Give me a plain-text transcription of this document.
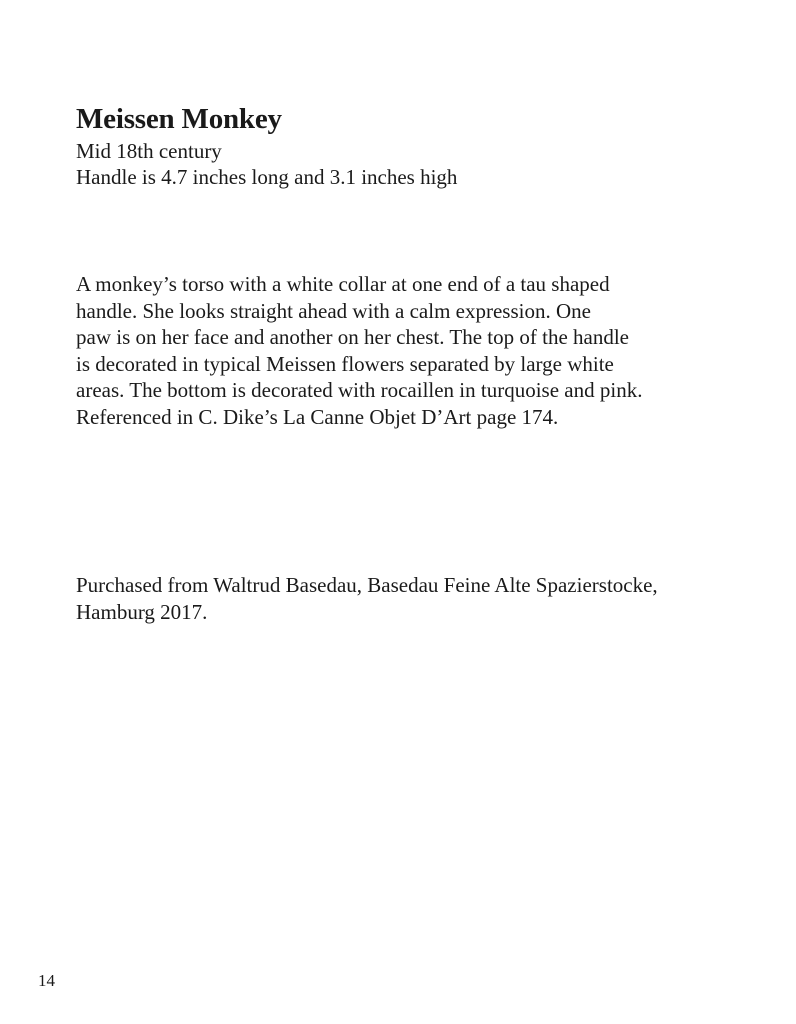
Meissen Monkey

Mid 18th century

Handle is 4.7 inches long and 3.1 inches high

A monkey’s torso with a white collar at one end of a tau shaped
handle. She looks straight ahead with a calm expression. One
paw is on her face and another on her chest. The top of the handle
is decorated in typical Meissen flowers separated by large white
areas. The bottom is decorated with rocaillen in turquoise and pink.
Referenced in C. Dike’s La Canne Objet D’Art page 174.

Purchased from Waltrud Basedau, Basedau Feine Alte Spazierstocke,
Hamburg 2017.

14
